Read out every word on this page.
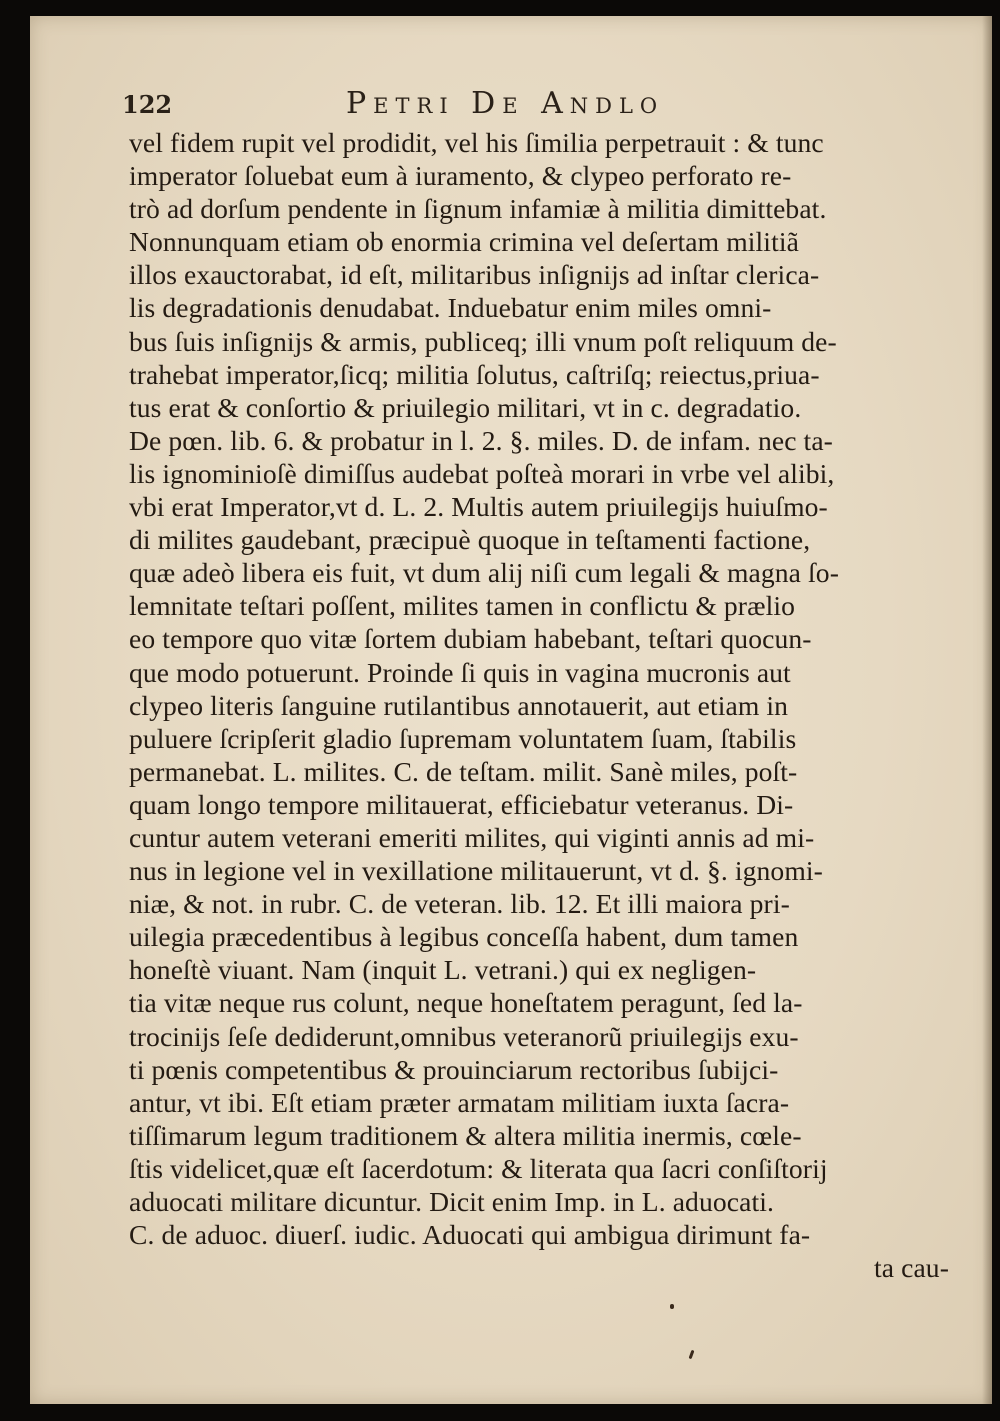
122	Petri De Andlo
vel fidem rupit vel prodidit, vel his ſimilia perpetrauit : & tunc
imperator ſoluebat eum à iuramento, & clypeo perforato re-
trò ad dorſum pendente in ſignum infamiæ à militia dimittebat.
Nonnunquam etiam ob enormia crimina vel deſertam militiã
illos exauctorabat, id eſt, militaribus inſignijs ad inſtar clerica-
lis degradationis denudabat. Induebatur enim miles omni-
bus ſuis inſignijs & armis, publiceq; illi vnum poſt reliquum de-
trahebat imperator,ſicq; militia ſolutus, caſtriſq; reiectus,priua-
tus erat & conſortio & priuilegio militari, vt in c. degradatio.
De pœn. lib. 6. & probatur in l. 2. §. miles. D. de infam. nec ta-
lis ignominioſè dimiſſus audebat poſteà morari in vrbe vel alibi,
vbi erat Imperator,vt d. L. 2. Multis autem priuilegijs huiuſmo-
di milites gaudebant, præcipuè quoque in teſtamenti factione,
quæ adeò libera eis fuit, vt dum alij niſi cum legali & magna ſo-
lemnitate teſtari poſſent, milites tamen in conflictu & prælio
eo tempore quo vitæ ſortem dubiam habebant, teſtari quocun-
que modo potuerunt. Proinde ſi quis in vagina mucronis aut
clypeo literis ſanguine rutilantibus annotauerit, aut etiam in
puluere ſcripſerit gladio ſupremam voluntatem ſuam, ſtabilis
permanebat. L. milites. C. de teſtam. milit. Sanè miles, poſt-
quam longo tempore militauerat, efficiebatur veteranus. Di-
cuntur autem veterani emeriti milites, qui viginti annis ad mi-
nus in legione vel in vexillatione militauerunt, vt d. §. ignomi-
niæ, & not. in rubr. C. de veteran. lib. 12. Et illi maiora pri-
uilegia præcedentibus à legibus conceſſa habent, dum tamen
honeſtè viuant. Nam (inquit L. vetrani.) qui ex negligen-
tia vitæ neque rus colunt, neque honeſtatem peragunt, ſed la-
trocinijs ſeſe dediderunt,omnibus veteranorũ priuilegijs exu-
ti pœnis competentibus & prouinciarum rectoribus ſubijci-
antur, vt ibi. Eſt etiam præter armatam militiam iuxta ſacra-
tiſſimarum legum traditionem & altera militia inermis, cœle-
ſtis videlicet,quæ eſt ſacerdotum: & literata qua ſacri conſiſtorij
aduocati militare dicuntur. Dicit enim Imp. in L. aduocati.
C. de aduoc. diuerſ. iudic. Aduocati qui ambigua dirimunt fa-
ta cau-
